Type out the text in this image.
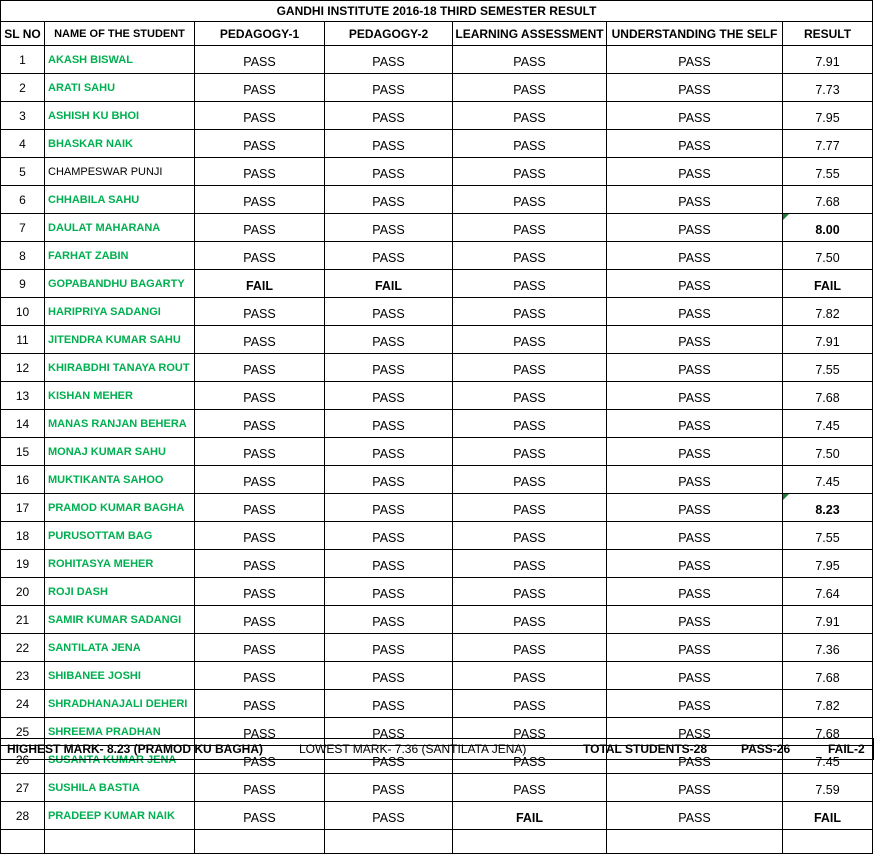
GANDHI INSTITUTE 2016-18 THIRD SEMESTER RESULT						
SL NO	NAME OF THE STUDENT	PEDAGOGY-1	PEDAGOGY-2	LEARNING ASSESSMENT	UNDERSTANDING THE SELF	RESULT
1	AKASH BISWAL	PASS	PASS	PASS	PASS	7.91
2	ARATI SAHU	PASS	PASS	PASS	PASS	7.73
3	ASHISH KU BHOI	PASS	PASS	PASS	PASS	7.95
4	BHASKAR NAIK	PASS	PASS	PASS	PASS	7.77
5	CHAMPESWAR PUNJI	PASS	PASS	PASS	PASS	7.55
6	CHHABILA SAHU	PASS	PASS	PASS	PASS	7.68
7	DAULAT MAHARANA	PASS	PASS	PASS	PASS	8.00
8	FARHAT ZABIN	PASS	PASS	PASS	PASS	7.50
9	GOPABANDHU BAGARTY	FAIL	FAIL	PASS	PASS	FAIL
10	HARIPRIYA SADANGI	PASS	PASS	PASS	PASS	7.82
11	JITENDRA KUMAR SAHU	PASS	PASS	PASS	PASS	7.91
12	KHIRABDHI TANAYA ROUT	PASS	PASS	PASS	PASS	7.55
13	KISHAN MEHER	PASS	PASS	PASS	PASS	7.68
14	MANAS RANJAN BEHERA	PASS	PASS	PASS	PASS	7.45
15	MONAJ KUMAR SAHU	PASS	PASS	PASS	PASS	7.50
16	MUKTIKANTA SAHOO	PASS	PASS	PASS	PASS	7.45
17	PRAMOD KUMAR BAGHA	PASS	PASS	PASS	PASS	8.23
18	PURUSOTTAM BAG	PASS	PASS	PASS	PASS	7.55
19	ROHITASYA MEHER	PASS	PASS	PASS	PASS	7.95
20	ROJI DASH	PASS	PASS	PASS	PASS	7.64
21	SAMIR KUMAR SADANGI	PASS	PASS	PASS	PASS	7.91
22	SANTILATA JENA	PASS	PASS	PASS	PASS	7.36
23	SHIBANEE JOSHI	PASS	PASS	PASS	PASS	7.68
24	SHRADHANAJALI DEHERI	PASS	PASS	PASS	PASS	7.82
25	SHREEMA PRADHAN	PASS	PASS	PASS	PASS	7.68
26	SUSANTA KUMAR JENA	PASS	PASS	PASS	PASS	7.45
27	SUSHILA BASTIA	PASS	PASS	PASS	PASS	7.59
28	PRADEEP KUMAR NAIK	PASS	PASS	FAIL	PASS	FAIL

HIGHEST MARK- 8.23 (PRAMOD KU BAGHA)	LOWEST MARK- 7.36 (SANTILATA JENA)	TOTAL STUDENTS-28	PASS-26	FAIL-2
